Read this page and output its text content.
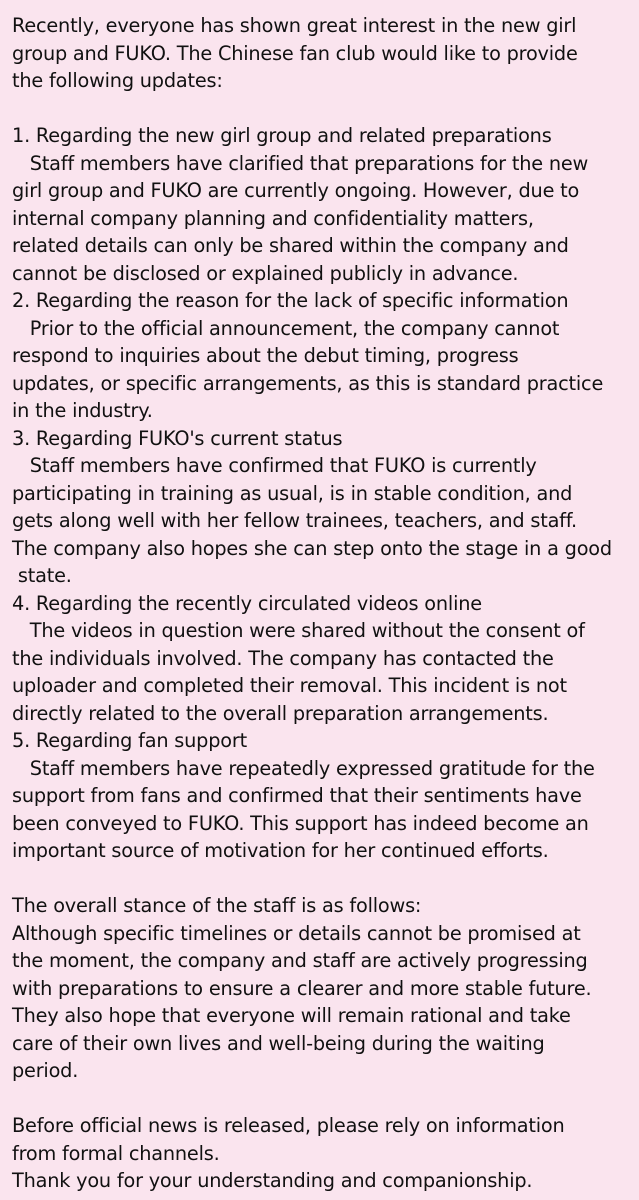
Recently, everyone has shown great interest in the new girl
group and FUKO. The Chinese fan club would like to provide
the following updates:
1. Regarding the new girl group and related preparations
Staff members have clarified that preparations for the new
girl group and FUKO are currently ongoing. However, due to
internal company planning and confidentiality matters,
related details can only be shared within the company and
cannot be disclosed or explained publicly in advance.
2. Regarding the reason for the lack of specific information
Prior to the official announcement, the company cannot
respond to inquiries about the debut timing, progress
updates, or specific arrangements, as this is standard practice
in the industry.
3. Regarding FUKO's current status
Staff members have confirmed that FUKO is currently
participating in training as usual, is in stable condition, and
gets along well with her fellow trainees, teachers, and staff.
The company also hopes she can step onto the stage in a good
state.
4. Regarding the recently circulated videos online
The videos in question were shared without the consent of
the individuals involved. The company has contacted the
uploader and completed their removal. This incident is not
directly related to the overall preparation arrangements.
5. Regarding fan support
Staff members have repeatedly expressed gratitude for the
support from fans and confirmed that their sentiments have
been conveyed to FUKO. This support has indeed become an
important source of motivation for her continued efforts.
The overall stance of the staff is as follows:
Although specific timelines or details cannot be promised at
the moment, the company and staff are actively progressing
with preparations to ensure a clearer and more stable future.
They also hope that everyone will remain rational and take
care of their own lives and well-being during the waiting
period.
Before official news is released, please rely on information
from formal channels.
Thank you for your understanding and companionship.
